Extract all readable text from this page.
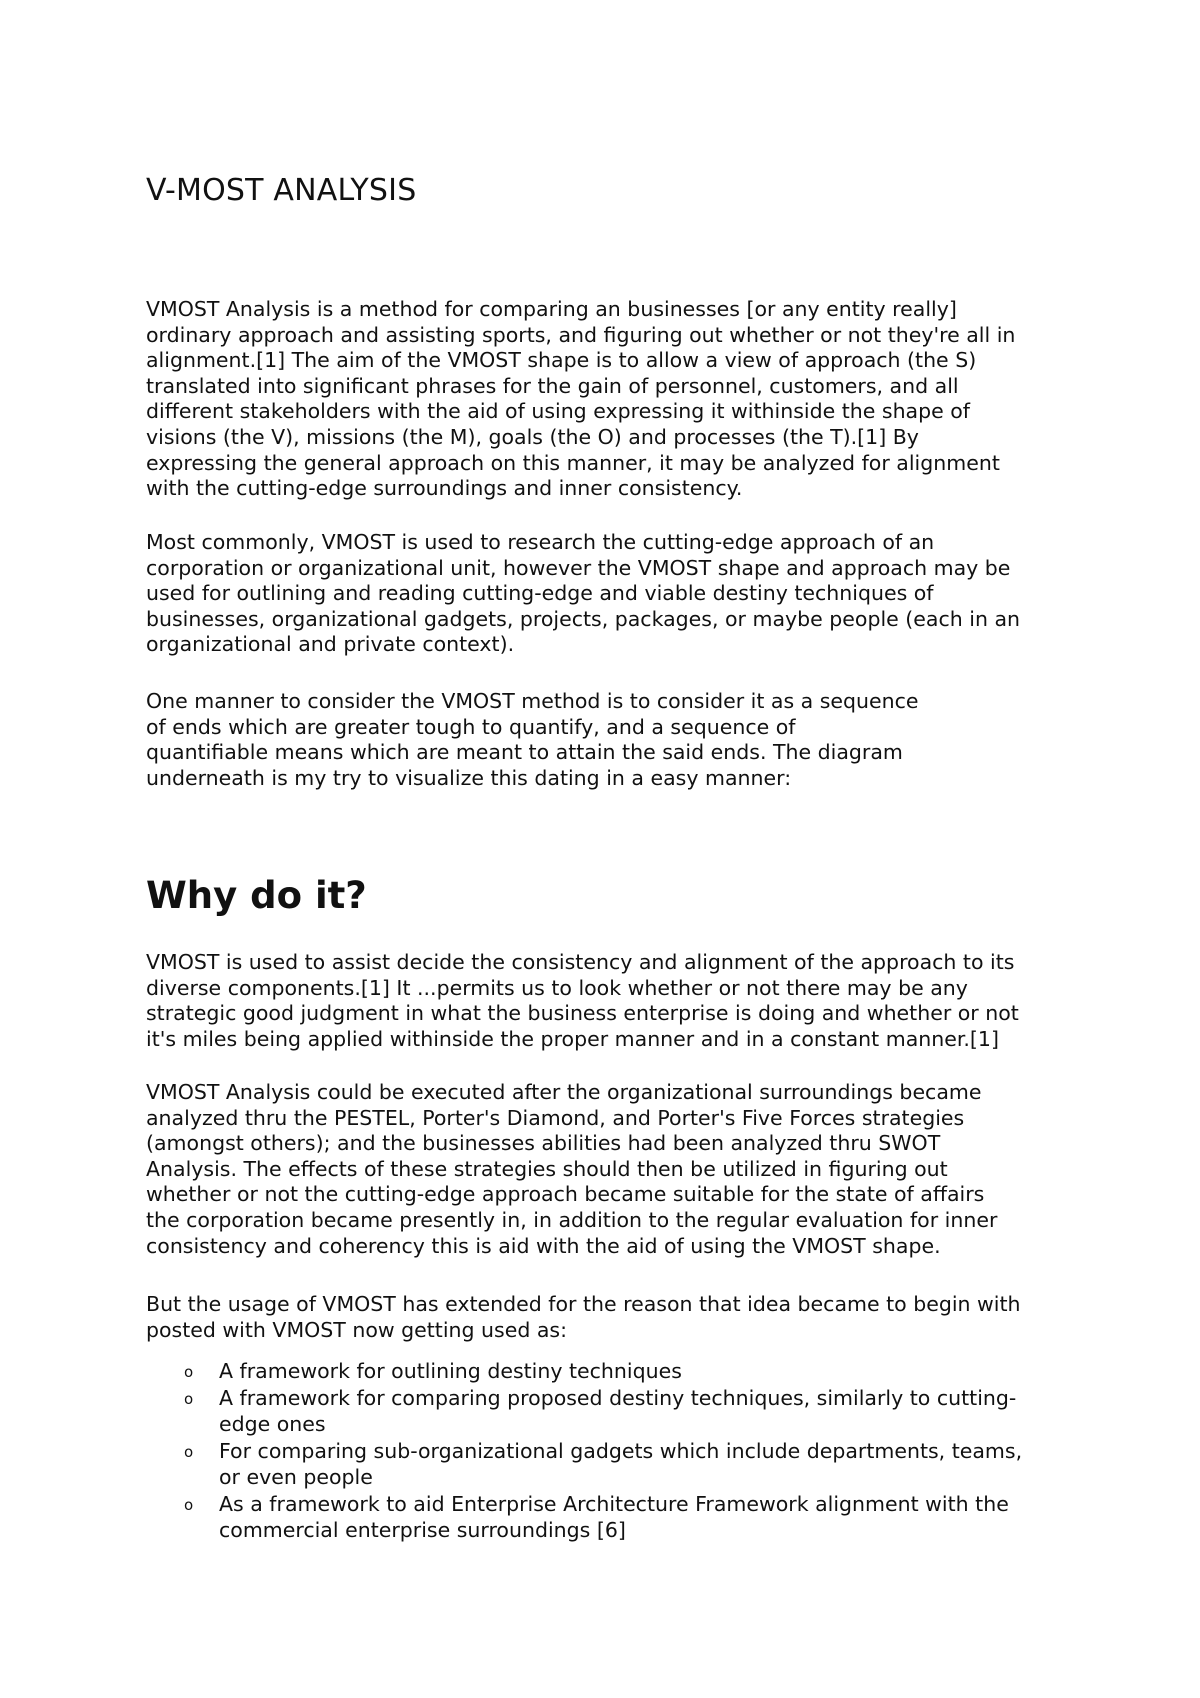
V-MOST ANALYSIS

VMOST Analysis is a method for comparing an businesses [or any entity really]
ordinary approach and assisting sports, and figuring out whether or not they're all in
alignment.[1] The aim of the VMOST shape is to allow a view of approach (the S)
translated into significant phrases for the gain of personnel, customers, and all
different stakeholders with the aid of using expressing it withinside the shape of
visions (the V), missions (the M), goals (the O) and processes (the T).[1] By
expressing the general approach on this manner, it may be analyzed for alignment
with the cutting-edge surroundings and inner consistency.

Most commonly, VMOST is used to research the cutting-edge approach of an
corporation or organizational unit, however the VMOST shape and approach may be
used for outlining and reading cutting-edge and viable destiny techniques of
businesses, organizational gadgets, projects, packages, or maybe people (each in an
organizational and private context).

One manner to consider the VMOST method is to consider it as a sequence
of ends which are greater tough to quantify, and a sequence of
quantifiable means which are meant to attain the said ends. The diagram
underneath is my try to visualize this dating in a easy manner:

Why do it?

VMOST is used to assist decide the consistency and alignment of the approach to its
diverse components.[1] It ...permits us to look whether or not there may be any
strategic good judgment in what the business enterprise is doing and whether or not
it's miles being applied withinside the proper manner and in a constant manner.[1]

VMOST Analysis could be executed after the organizational surroundings became
analyzed thru the PESTEL, Porter's Diamond, and Porter's Five Forces strategies
(amongst others); and the businesses abilities had been analyzed thru SWOT
Analysis. The effects of these strategies should then be utilized in figuring out
whether or not the cutting-edge approach became suitable for the state of affairs
the corporation became presently in, in addition to the regular evaluation for inner
consistency and coherency this is aid with the aid of using the VMOST shape.

But the usage of VMOST has extended for the reason that idea became to begin with
posted with VMOST now getting used as:

o A framework for outlining destiny techniques
o A framework for comparing proposed destiny techniques, similarly to cutting-
edge ones
o For comparing sub-organizational gadgets which include departments, teams,
or even people
o As a framework to aid Enterprise Architecture Framework alignment with the
commercial enterprise surroundings [6]
